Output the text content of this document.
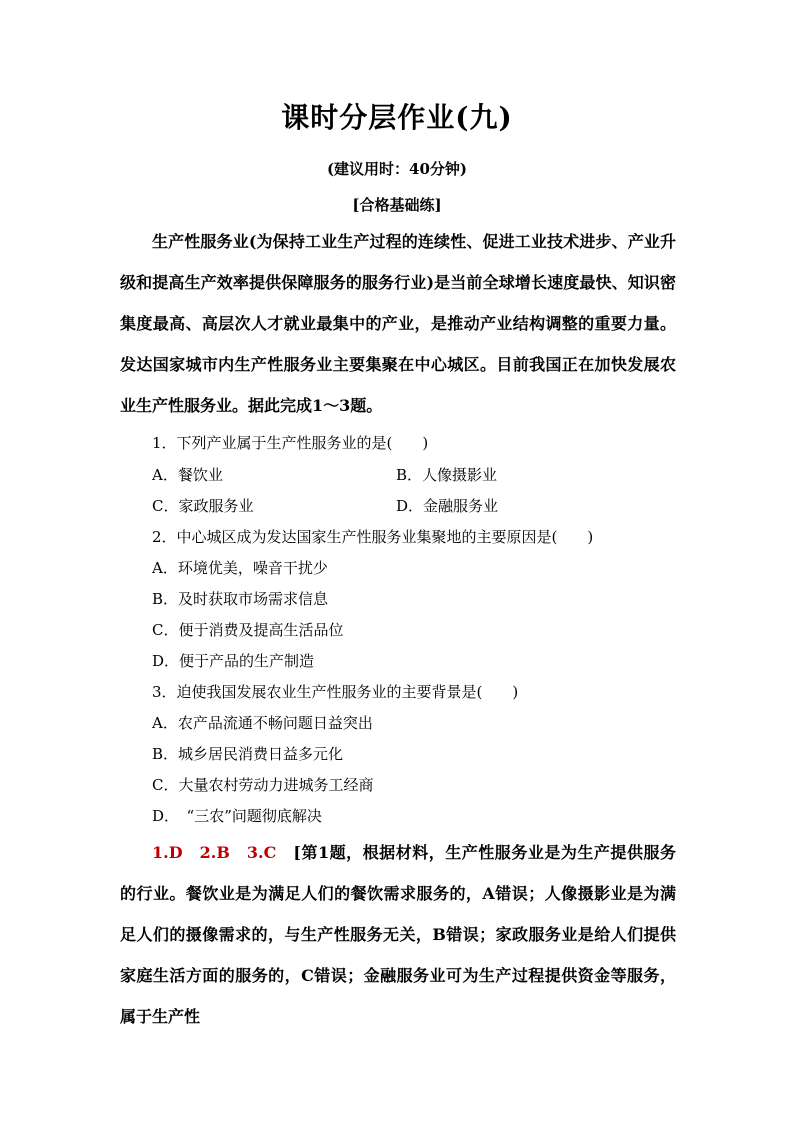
课时分层作业(九)
(建议用时：40分钟)
[合格基础练]
生产性服务业(为保持工业生产过程的连续性、促进工业技术进步、产业升级和提高生产效率提供保障服务的服务行业)是当前全球增长速度最快、知识密集度最高、高层次人才就业最集中的产业，是推动产业结构调整的重要力量。发达国家城市内生产性服务业主要集聚在中心城区。目前我国正在加快发展农业生产性服务业。据此完成1～3题。
1．下列产业属于生产性服务业的是(　　)
A．餐饮业	B．人像摄影业
C．家政服务业	D．金融服务业
2．中心城区成为发达国家生产性服务业集聚地的主要原因是(　　)
A．环境优美，噪音干扰少
B．及时获取市场需求信息
C．便于消费及提高生活品位
D．便于产品的生产制造
3．迫使我国发展农业生产性服务业的主要背景是(　　)
A．农产品流通不畅问题日益突出
B．城乡居民消费日益多元化
C．大量农村劳动力进城务工经商
D．　“三农”问题彻底解决
1.D　2.B　3.C　[第1题，根据材料，生产性服务业是为生产提供服务的行业。餐饮业是为满足人们的餐饮需求服务的，A错误；人像摄影业是为满足人们的摄像需求的，与生产性服务无关，B错误；家政服务业是给人们提供家庭生活方面的服务的，C错误；金融服务业可为生产过程提供资金等服务，属于生产性
